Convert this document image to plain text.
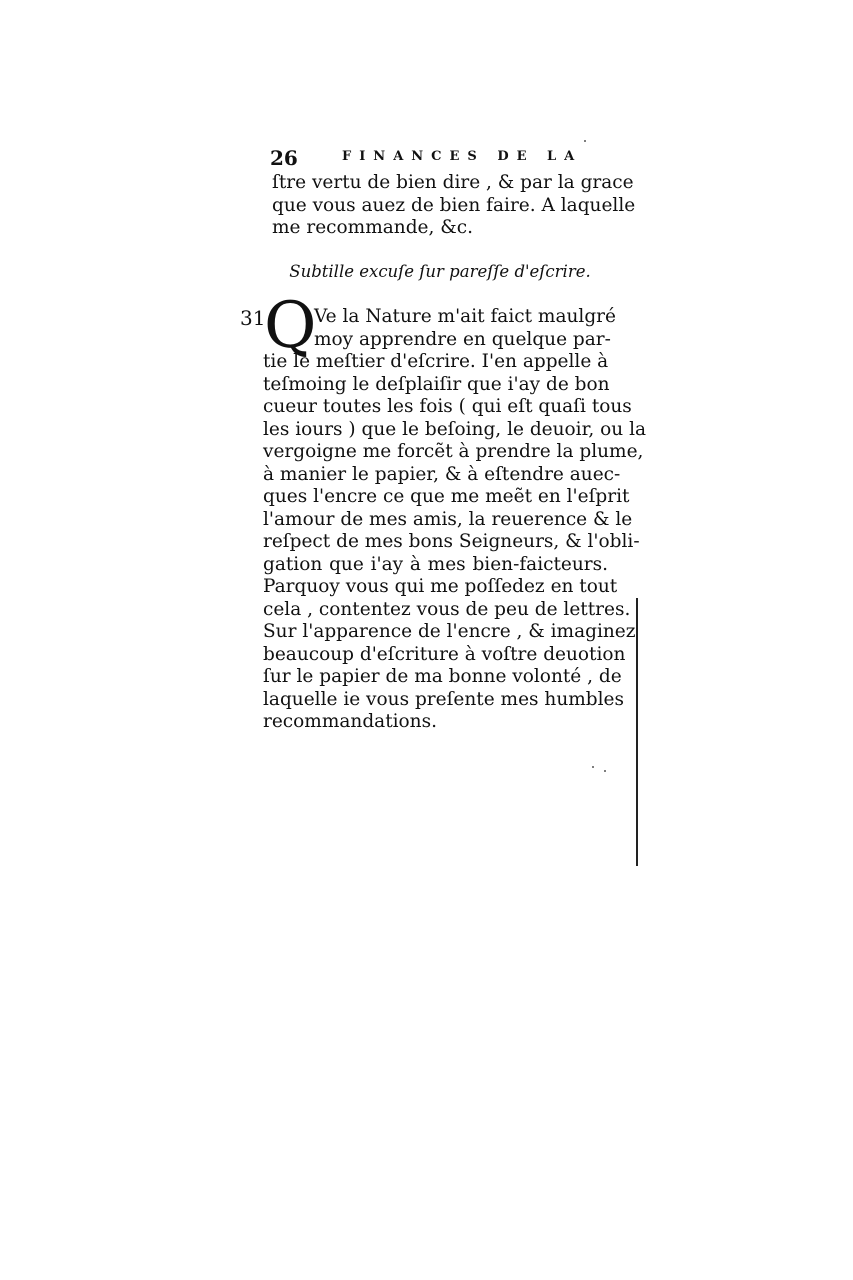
26	FINANCES DE LA
ſtre vertu de bien dire , & par la grace
que vous auez de bien faire. A laquelle
me recommande, &c.
Subtille excuſe ſur pareſſe d'eſcrire.
31
Q
Ve la Nature m'ait faict maulgré
moy apprendre en quelque par-
tie le meſtier d'eſcrire. I'en appelle à
teſmoing le deſplaiſir que i'ay de bon
cueur toutes les fois ( qui eſt quaſi tous
les iours ) que le beſoing, le deuoir, ou la
vergoigne me forcẽt à prendre la plume,
à manier le papier, & à eſtendre auec-
ques l'encre ce que me meẽt en l'eſprit
l'amour de mes amis, la reuerence & le
reſpect de mes bons Seigneurs, & l'obli-
gation que i'ay à mes bien-faicteurs.
Parquoy vous qui me poſſedez en tout
cela , contentez vous de peu de lettres.
Sur l'apparence de l'encre , & imaginez
beaucoup d'eſcriture à voſtre deuotion
ſur le papier de ma bonne volonté , de
laquelle ie vous preſente mes humbles
recommandations.
